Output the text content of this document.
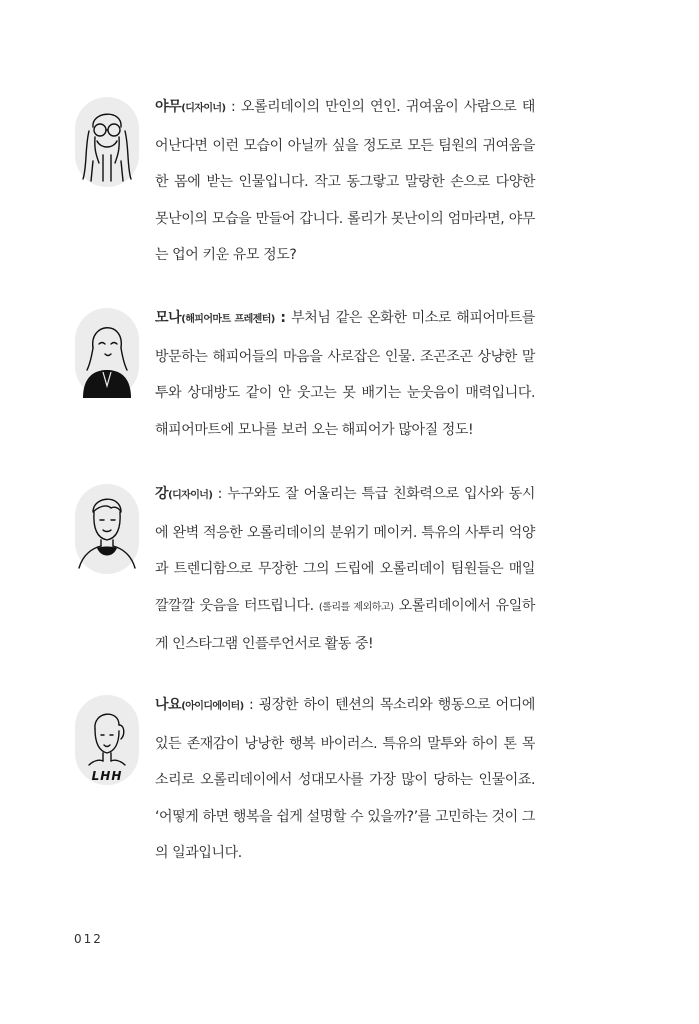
야무(디자이너) : 오롤리데이의 만인의 연인. 귀여움이 사람으로 태어난다면 이런 모습이 아닐까 싶을 정도로 모든 팀원의 귀여움을 한 몸에 받는 인물입니다. 작고 동그랗고 말랑한 손으로 다양한 못난이의 모습을 만들어 갑니다. 롤리가 못난이의 엄마라면, 야무는 업어 키운 유모 정도?
모나(해피어마트 프레젠터) : 부처님 같은 온화한 미소로 해피어마트를 방문하는 해피어들의 마음을 사로잡은 인물. 조곤조곤 상냥한 말투와 상대방도 같이 안 웃고는 못 배기는 눈웃음이 매력입니다. 해피어마트에 모나를 보러 오는 해피어가 많아질 정도!
강(디자이너) : 누구와도 잘 어울리는 특급 친화력으로 입사와 동시에 완벽 적응한 오롤리데이의 분위기 메이커. 특유의 사투리 억양과 트렌디함으로 무장한 그의 드립에 오롤리데이 팀원들은 매일 깔깔깔 웃음을 터뜨립니다. (롤리를 제외하고) 오롤리데이에서 유일하게 인스타그램 인플루언서로 활동 중!
LHH
나요(아이디에이터) : 굉장한 하이 텐션의 목소리와 행동으로 어디에 있든 존재감이 낭낭한 행복 바이러스. 특유의 말투와 하이 톤 목소리로 오롤리데이에서 성대모사를 가장 많이 당하는 인물이죠. ‘어떻게 하면 행복을 쉽게 설명할 수 있을까?’를 고민하는 것이 그의 일과입니다.
012
